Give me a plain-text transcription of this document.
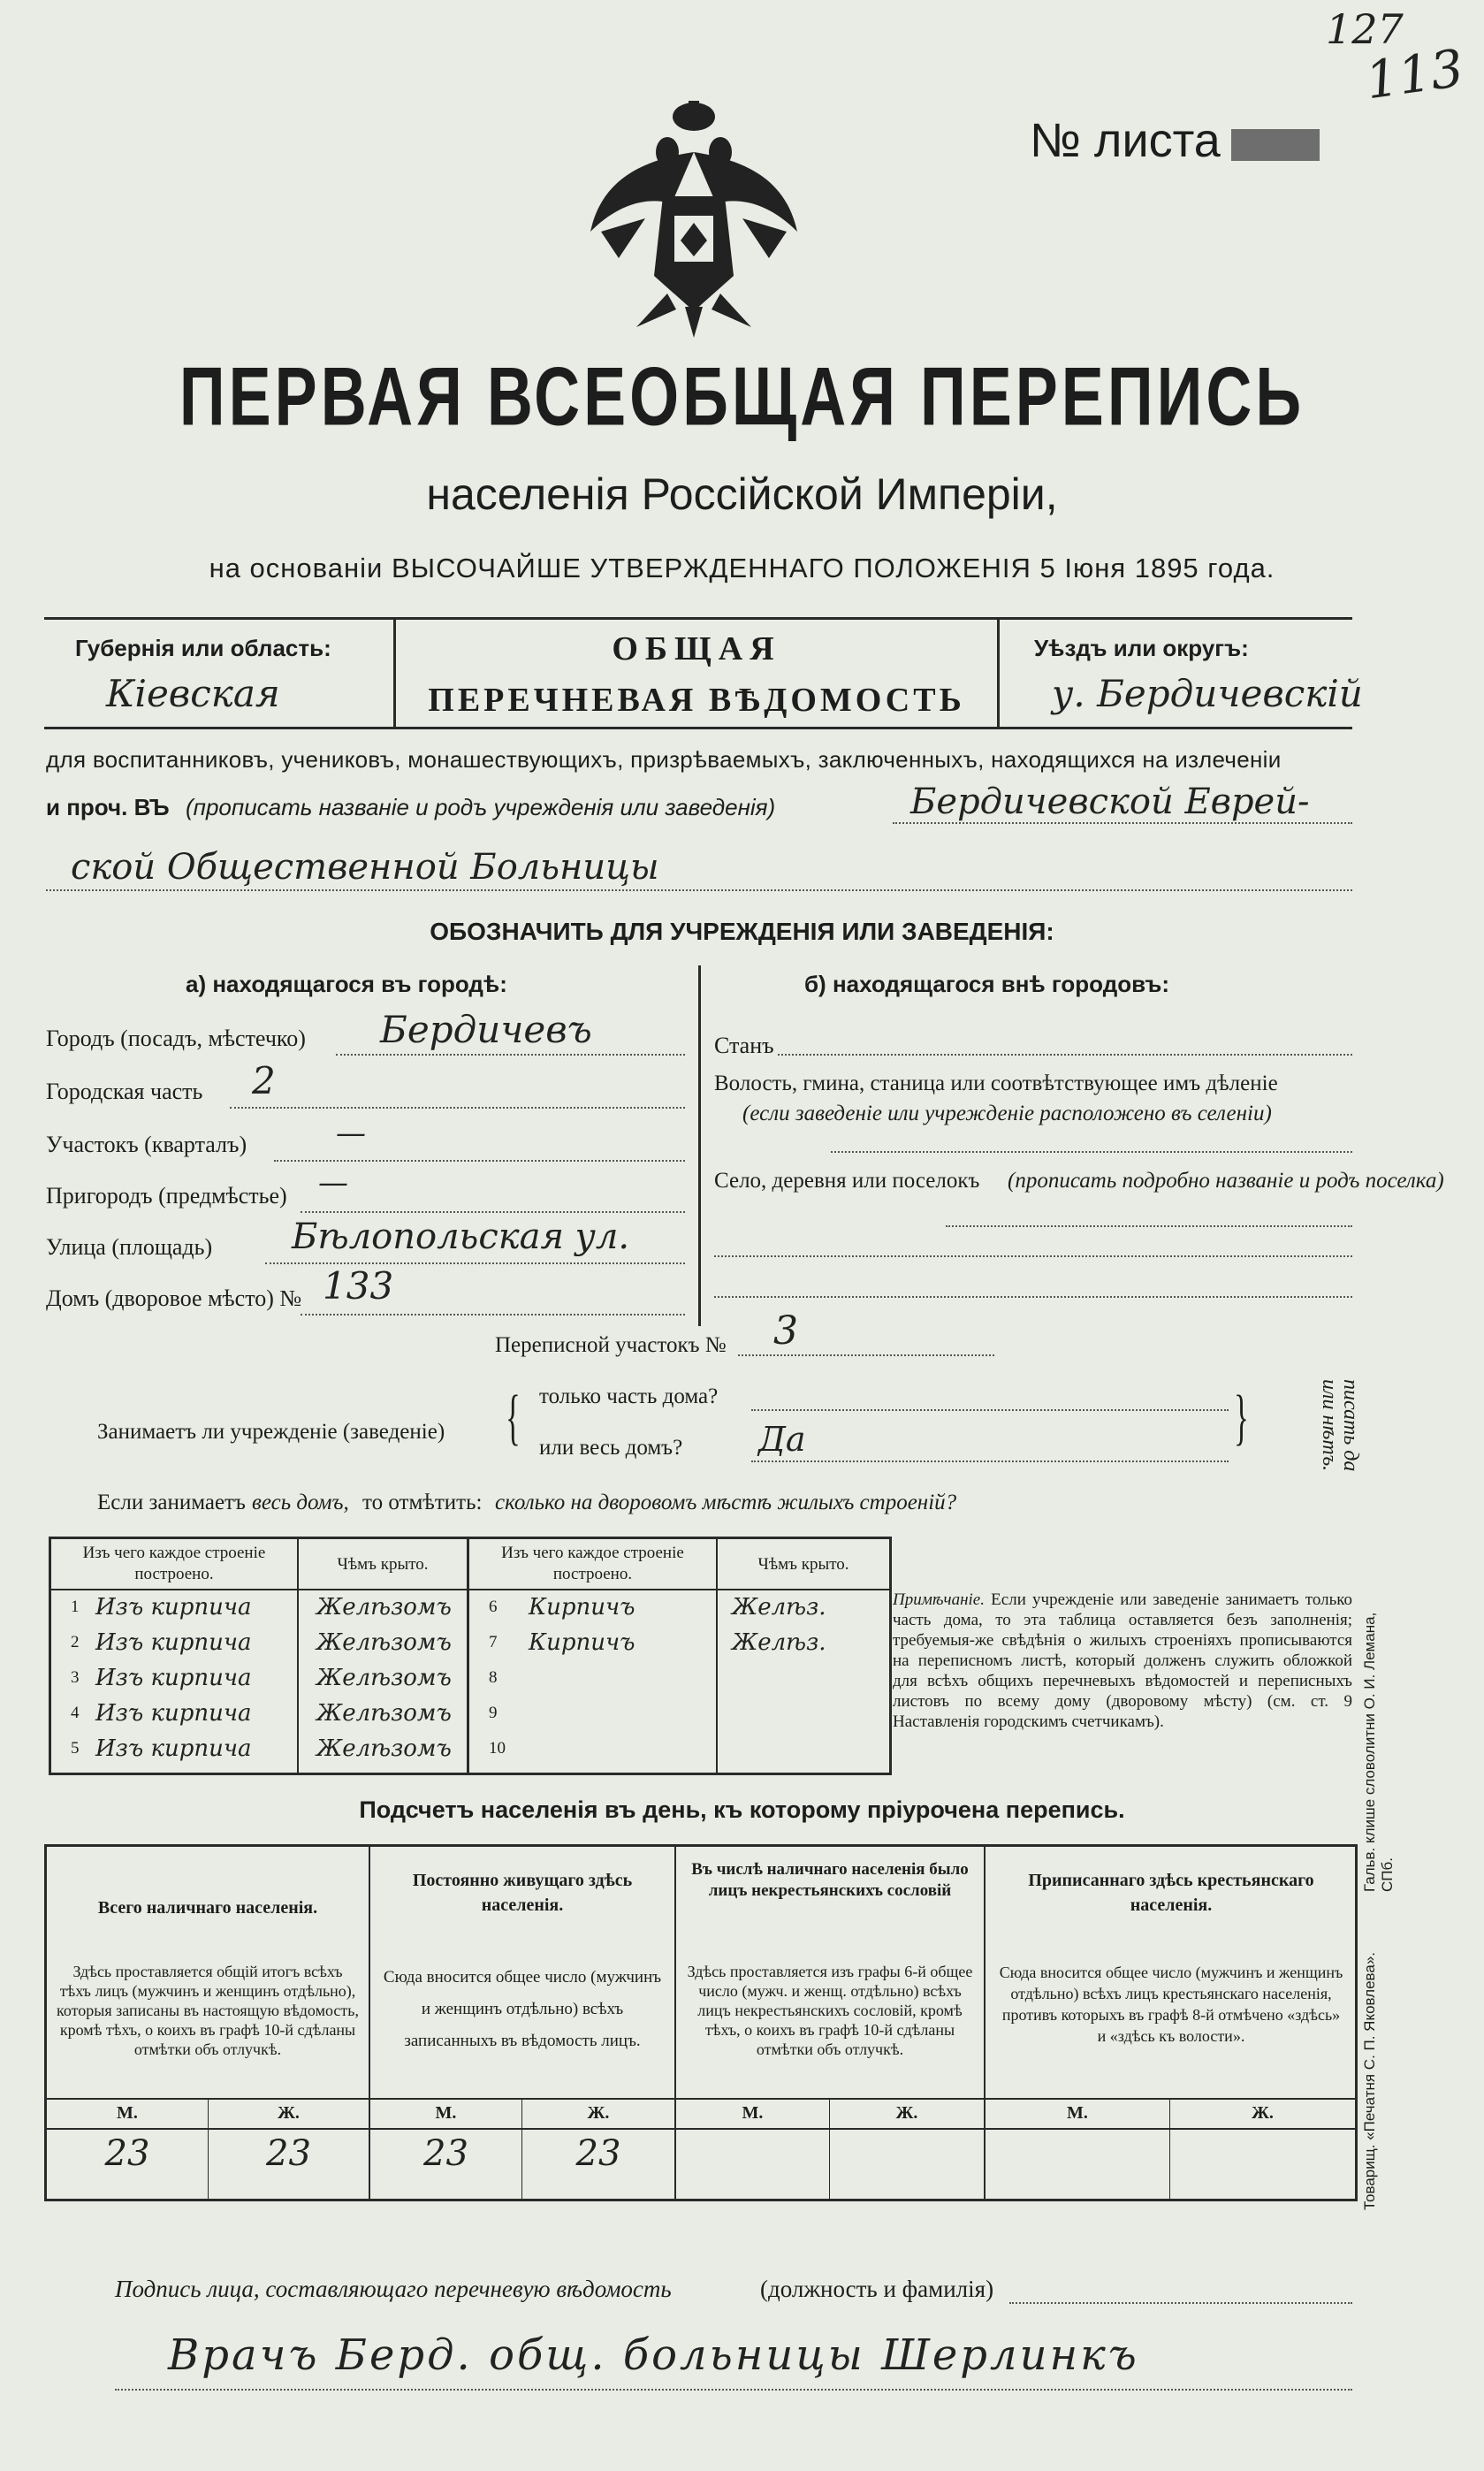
127
113
№ листа
ПЕРВАЯ ВСЕОБЩАЯ ПЕРЕПИСЬ
населенія Россійской Имперіи,
на основаніи ВЫСОЧАЙШЕ УТВЕРЖДЕННАГО ПОЛОЖЕНІЯ 5 Іюня 1895 года.
Губернія или область:
Кіевская
ОБЩАЯ
ПЕРЕЧНЕВАЯ ВѢДОМОСТЬ
Уѣздъ или округъ:
у. Бердичевскій
для воспитанниковъ, учениковъ, монашествующихъ, призрѣваемыхъ, заключенныхъ, находящихся на излеченіи
и проч. ВЪ (прописать названіе и родъ учрежденія или заведенія)	Бердичевской Еврей-
ской Общественной Больницы
ОБОЗНАЧИТЬ ДЛЯ УЧРЕЖДЕНІЯ ИЛИ ЗАВЕДЕНІЯ:
а) находящагося въ городѣ:
Городъ (посадъ, мѣстечко) Бердичевъ
Городская часть 2
Участокъ (кварталъ)	—
Пригородъ (предмѣстье) —
Улица (площадь) Бѣлопольская ул.
Домъ (дворовое мѣсто) № 133
б) находящагося внѣ городовъ:
Станъ
Волость, гмина, станица или соотвѣтствующее имъ дѣленіе
(если заведеніе или учрежденіе расположено въ селеніи)
Село, деревня или поселокъ (прописать подробно названіе и родъ поселка)
Переписной участокъ № 3
Занимаетъ ли учрежденіе (заведеніе) { только часть дома?
или весь домъ? Да	}	писать да или нѣтъ.
Если занимаетъ весь домъ, то отмѣтить: сколько на дворовомъ мѣстѣ жилыхъ строеній?
Изъ чего каждое строеніе построено.
Чѣмъ крыто.
Изъ чего каждое строеніе построено.
Чѣмъ крыто.
1 Изъ кирпича	Желѣзомъ 6 Кирпичъ	Желѣз.
2 Изъ кирпича	Желѣзомъ 7 Кирпичъ	Желѣз.
3 Изъ кирпича	Желѣзомъ 8
4 Изъ кирпича	Желѣзомъ 9
5 Изъ кирпича	Желѣзомъ 10
Примѣчаніе. Если учрежденіе или заведеніе занимаетъ только часть дома, то эта таблица оставляется безъ заполненія; требуемыя-же свѣдѣнія о жилыхъ строеніяхъ прописываются на переписномъ листѣ, который долженъ служить обложкой для всѣхъ общихъ перечневыхъ вѣдомостей и переписныхъ листовъ по всему дому (дворовому мѣсту) (см. ст. 9 Наставленія городскимъ счетчикамъ).
Подсчетъ населенія въ день, къ которому пріурочена перепись.
Всего наличнаго населенія.
Здѣсь проставляется общій итогъ всѣхъ тѣхъ лицъ (мужчинъ и женщинъ отдѣльно), которыя записаны въ настоящую вѣдомость, кромѣ тѣхъ, о коихъ въ графѣ 10-й сдѣланы отмѣтки объ отлучкѣ.
Постоянно живущаго здѣсь населенія.
Сюда вносится общее число (мужчинъ и женщинъ отдѣльно) всѣхъ записанныхъ въ вѣдомость лицъ.
Въ числѣ наличнаго населенія было лицъ некрестьянскихъ сословій
Здѣсь проставляется изъ графы 6-й общее число (мужч. и женщ. отдѣльно) всѣхъ лицъ некрестьянскихъ сословій, кромѣ тѣхъ, о коихъ въ графѣ 10-й сдѣланы отмѣтки объ отлучкѣ.
Приписаннаго здѣсь крестьянскаго населенія.
Сюда вносится общее число (мужчинъ и женщинъ отдѣльно) всѣхъ лицъ крестьянскаго населенія, противъ которыхъ въ графѣ 8-й отмѣчено «здѣсь» и «здѣсь къ волости».
М.	Ж.	М.	Ж.	М.	Ж.	М.	Ж.
23	23	23	23
Гальв. клише словолитни О. И. Лемана, СПб.
Товарищ. «Печатня С. П. Яковлева».
Подпись лица, составляющаго перечневую вѣдомость	(должность и фамилія)
Врачъ Берд. общ. больницы Шерлинкъ
